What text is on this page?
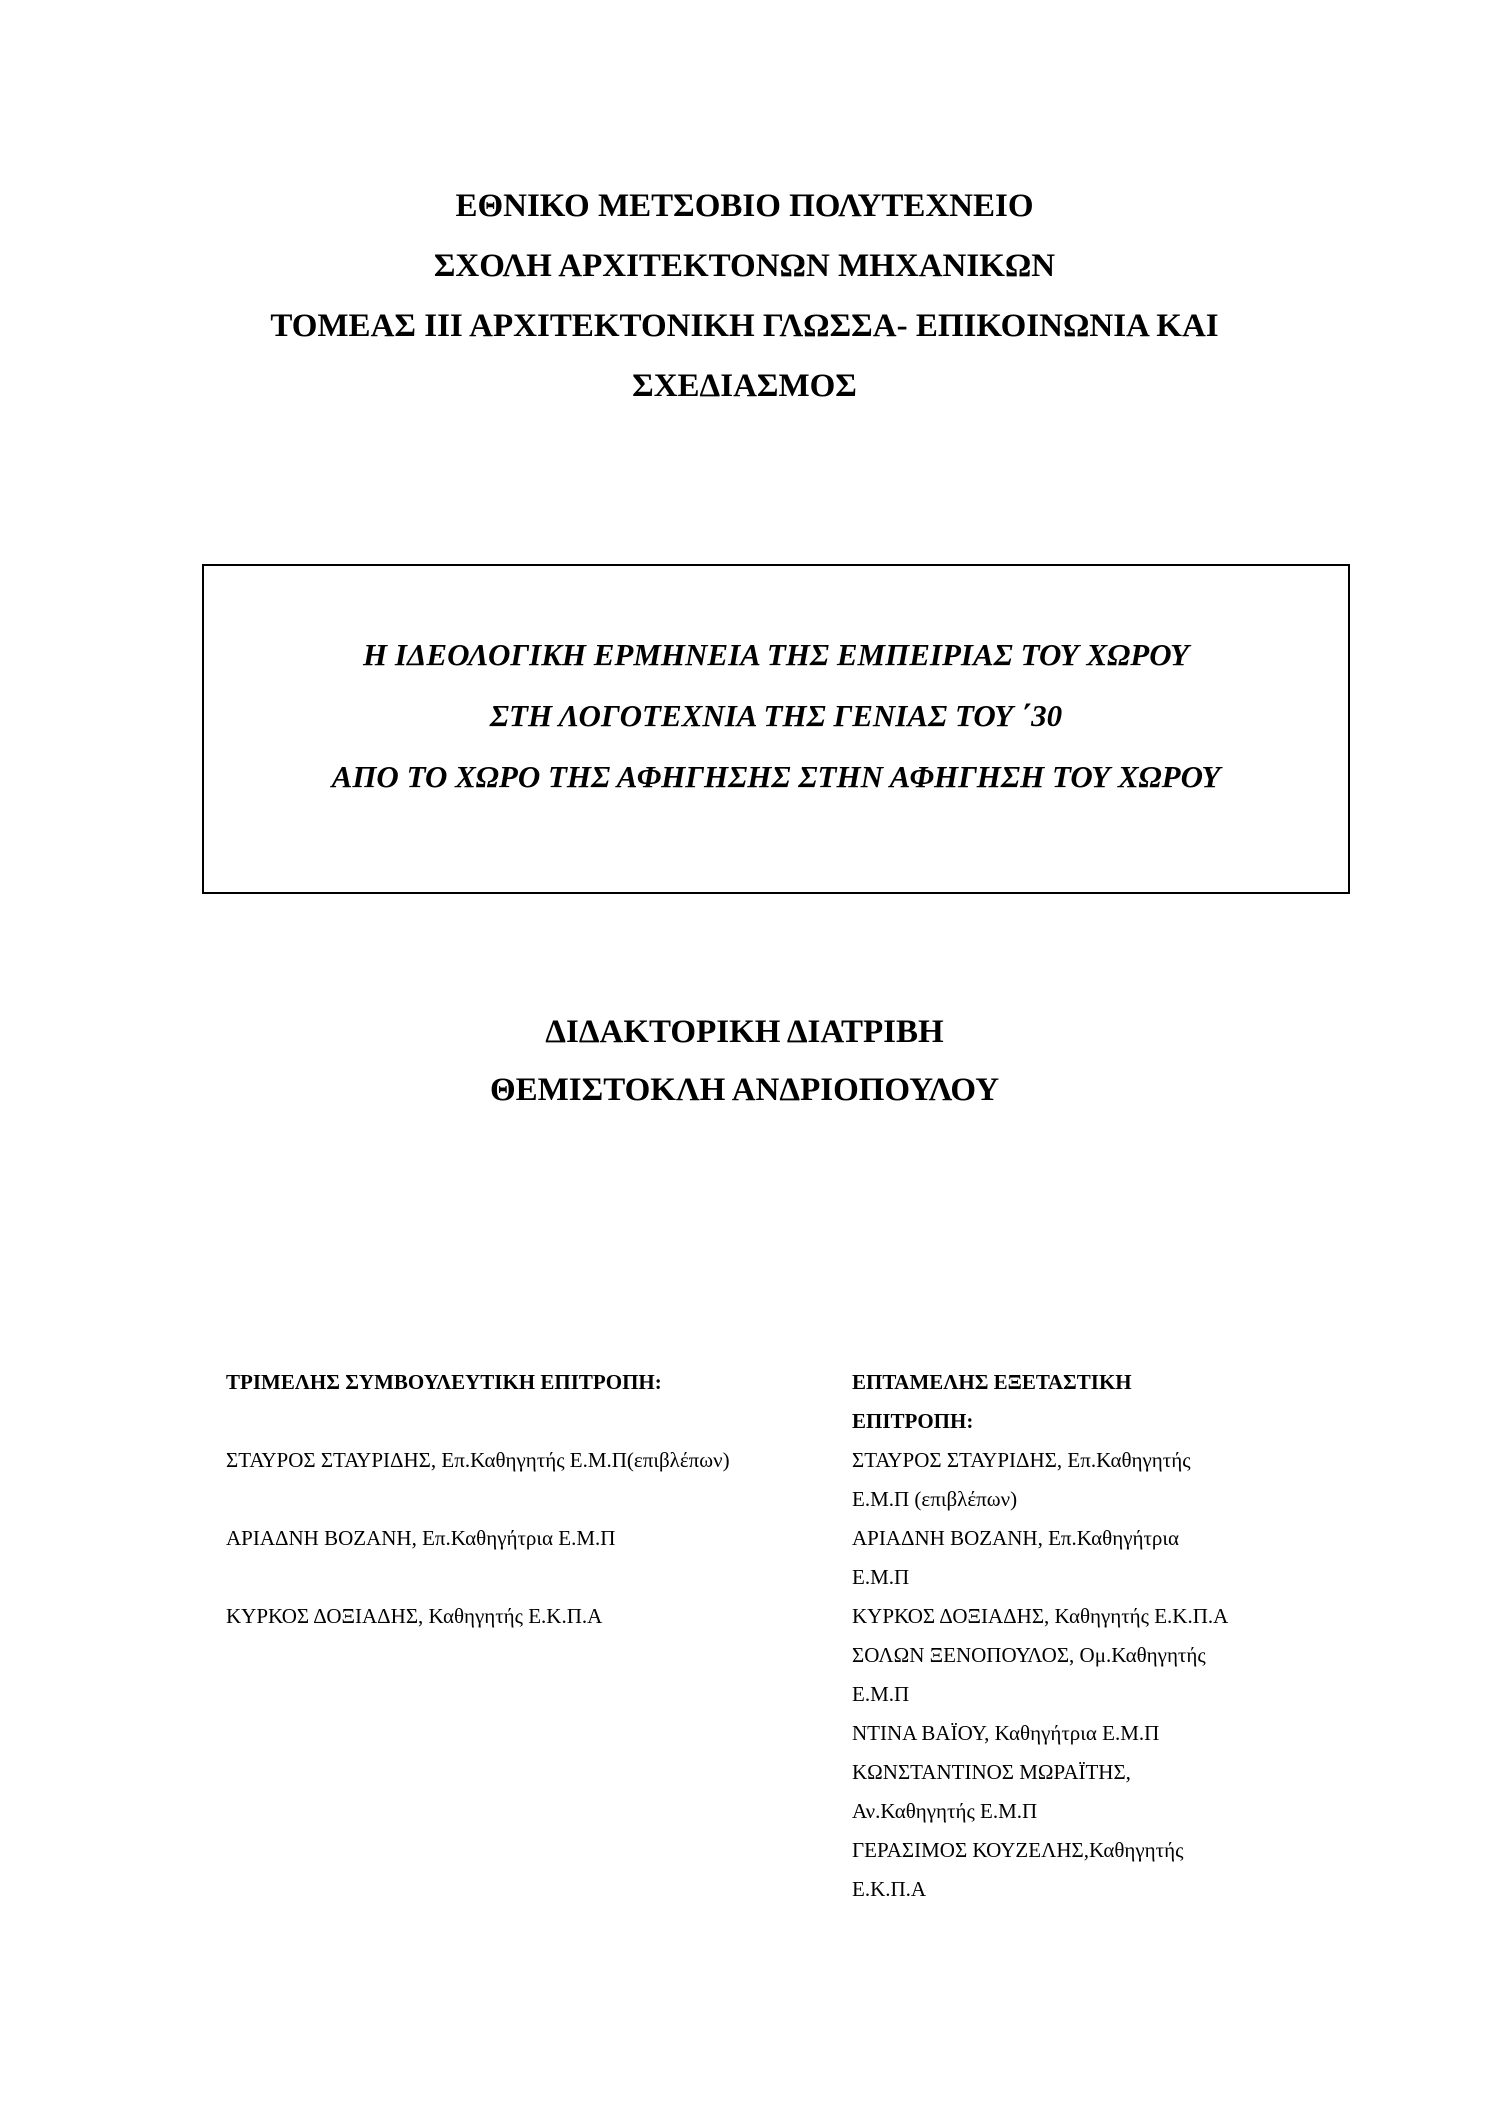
ΕΘΝΙΚΟ ΜΕΤΣΟΒΙΟ ΠΟΛΥΤΕΧΝΕΙΟ
ΣΧΟΛΗ ΑΡΧΙΤΕΚΤΟΝΩΝ ΜΗΧΑΝΙΚΩΝ
ΤΟΜΕΑΣ ΙΙΙ ΑΡΧΙΤΕΚΤΟΝΙΚΗ ΓΛΩΣΣΑ- ΕΠΙΚΟΙΝΩΝΙΑ ΚΑΙ
ΣΧΕΔΙΑΣΜΟΣ
Η ΙΔΕΟΛΟΓΙΚΗ ΕΡΜΗΝΕΙΑ ΤΗΣ ΕΜΠΕΙΡΙΑΣ ΤΟΥ ΧΩΡΟΥ
ΣΤΗ ΛΟΓΟΤΕΧΝΙΑ ΤΗΣ ΓΕΝΙΑΣ ΤΟΥ ΄30
ΑΠΟ ΤΟ ΧΩΡΟ ΤΗΣ ΑΦΗΓΗΣΗΣ ΣΤΗΝ ΑΦΗΓΗΣΗ ΤΟΥ ΧΩΡΟΥ
ΔΙΔΑΚΤΟΡΙΚΗ ΔΙΑΤΡΙΒΗ
ΘΕΜΙΣΤΟΚΛΗ ΑΝΔΡΙΟΠΟΥΛΟΥ
ΤΡΙΜΕΛΗΣ ΣΥΜΒΟΥΛΕΥΤΙΚΗ ΕΠΙΤΡΟΠΗ:
ΣΤΑΥΡΟΣ ΣΤΑΥΡΙΔΗΣ, Επ.Καθηγητής Ε.Μ.Π(επιβλέπων)
ΑΡΙΑΔΝΗ ΒΟΖΑΝΗ, Επ.Καθηγήτρια Ε.Μ.Π
ΚΥΡΚΟΣ ΔΟΞΙΑΔΗΣ, Καθηγητής Ε.Κ.Π.Α
ΕΠΤΑΜΕΛΗΣ ΕΞΕΤΑΣΤΙΚΗ
ΕΠΙΤΡΟΠΗ:
ΣΤΑΥΡΟΣ ΣΤΑΥΡΙΔΗΣ, Επ.Καθηγητής
Ε.Μ.Π (επιβλέπων)
ΑΡΙΑΔΝΗ ΒΟΖΑΝΗ, Επ.Καθηγήτρια
Ε.Μ.Π
ΚΥΡΚΟΣ ΔΟΞΙΑΔΗΣ, Καθηγητής Ε.Κ.Π.Α
ΣΟΛΩΝ ΞΕΝΟΠΟΥΛΟΣ, Ομ.Καθηγητής
Ε.Μ.Π
ΝΤΙΝΑ ΒΑΪΟΥ, Καθηγήτρια Ε.Μ.Π
ΚΩΝΣΤΑΝΤΙΝΟΣ ΜΩΡΑΪΤΗΣ,
Αν.Καθηγητής Ε.Μ.Π
ΓΕΡΑΣΙΜΟΣ ΚΟΥΖΕΛΗΣ,Καθηγητής
Ε.Κ.Π.Α
